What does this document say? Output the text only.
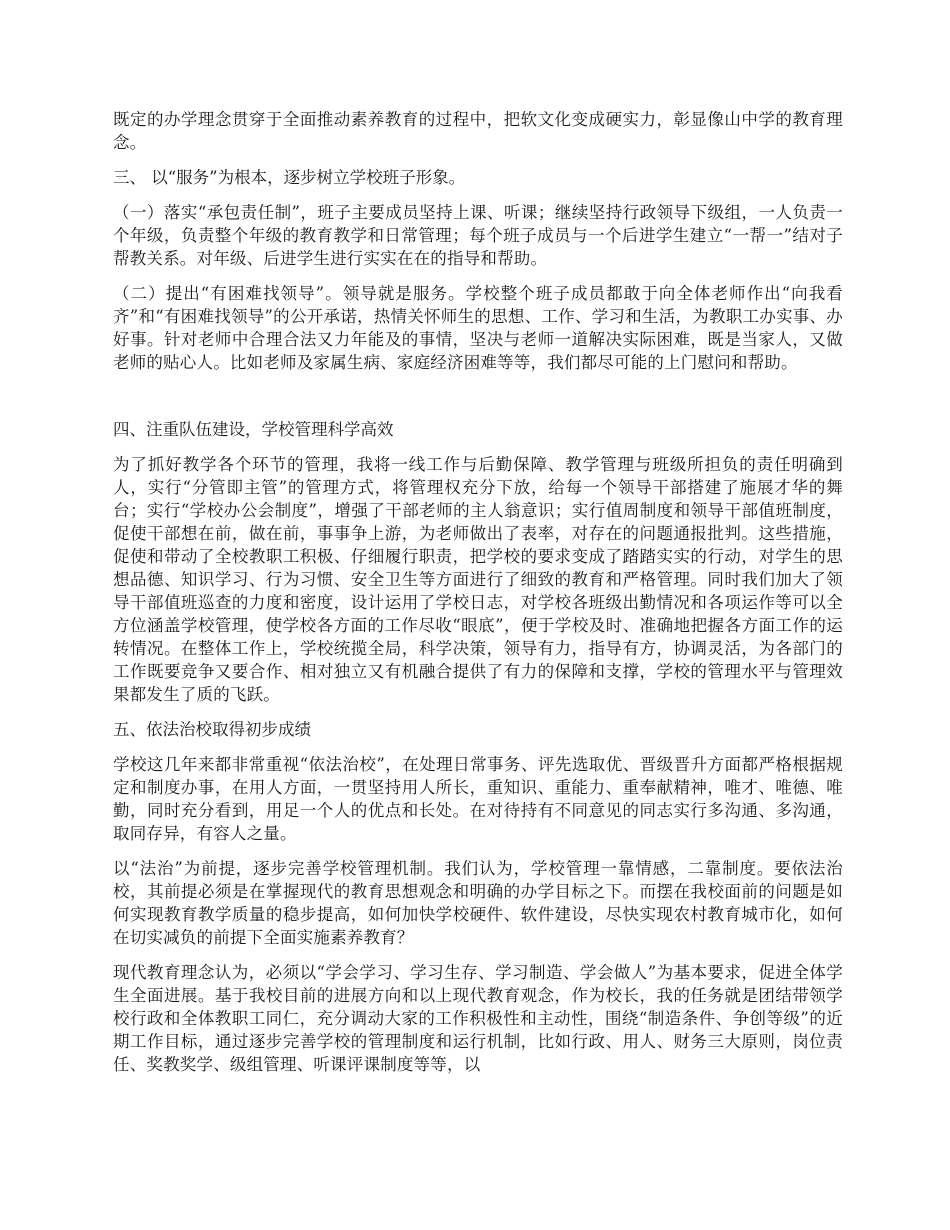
既定的办学理念贯穿于全面推动素养教育的过程中，把软文化变成硬实力，彰显像山中学的教育理念。

三、 以“服务”为根本，逐步树立学校班子形象。

（一）落实“承包责任制”，班子主要成员坚持上课、听课；继续坚持行政领导下级组，一人负责一个年级，负责整个年级的教育教学和日常管理；每个班子成员与一个后进学生建立“一帮一”结对子帮教关系。对年级、后进学生进行实实在在的指导和帮助。

（二）提出“有困难找领导”。领导就是服务。学校整个班子成员都敢于向全体老师作出“向我看齐”和“有困难找领导”的公开承诺，热情关怀师生的思想、工作、学习和生活，为教职工办实事、办好事。针对老师中合理合法又力年能及的事情，坚决与老师一道解决实际困难，既是当家人，又做老师的贴心人。比如老师及家属生病、家庭经济困难等等，我们都尽可能的上门慰问和帮助。

四、注重队伍建设，学校管理科学高效

为了抓好教学各个环节的管理，我将一线工作与后勤保障、教学管理与班级所担负的责任明确到人，实行“分管即主管”的管理方式，将管理权充分下放，给每一个领导干部搭建了施展才华的舞台；实行“学校办公会制度”，增强了干部老师的主人翁意识；实行值周制度和领导干部值班制度，促使干部想在前，做在前，事事争上游，为老师做出了表率，对存在的问题通报批判。这些措施，促使和带动了全校教职工积极、仔细履行职责，把学校的要求变成了踏踏实实的行动，对学生的思想品德、知识学习、行为习惯、安全卫生等方面进行了细致的教育和严格管理。同时我们加大了领导干部值班巡查的力度和密度，设计运用了学校日志，对学校各班级出勤情况和各项运作等可以全方位涵盖学校管理，使学校各方面的工作尽收“眼底”，便于学校及时、准确地把握各方面工作的运转情况。在整体工作上，学校统揽全局，科学决策，领导有力，指导有方，协调灵活，为各部门的工作既要竞争又要合作、相对独立又有机融合提供了有力的保障和支撑，学校的管理水平与管理效果都发生了质的飞跃。

五、依法治校取得初步成绩

学校这几年来都非常重视“依法治校”，在处理日常事务、评先选取优、晋级晋升方面都严格根据规定和制度办事，在用人方面，一贯坚持用人所长，重知识、重能力、重奉献精神，唯才、唯德、唯勤，同时充分看到，用足一个人的优点和长处。在对待持有不同意见的同志实行多沟通、多沟通，取同存异，有容人之量。

以“法治”为前提，逐步完善学校管理机制。我们认为，学校管理一靠情感，二靠制度。要依法治校，其前提必须是在掌握现代的教育思想观念和明确的办学目标之下。而摆在我校面前的问题是如何实现教育教学质量的稳步提高，如何加快学校硬件、软件建设，尽快实现农村教育城市化，如何在切实减负的前提下全面实施素养教育？

现代教育理念认为，必须以“学会学习、学习生存、学习制造、学会做人”为基本要求，促进全体学生全面进展。基于我校目前的进展方向和以上现代教育观念，作为校长，我的任务就是团结带领学校行政和全体教职工同仁，充分调动大家的工作积极性和主动性，围绕“制造条件、争创等级”的近期工作目标，通过逐步完善学校的管理制度和运行机制，比如行政、用人、财务三大原则，岗位责任、奖教奖学、级组管理、听课评课制度等等，以
